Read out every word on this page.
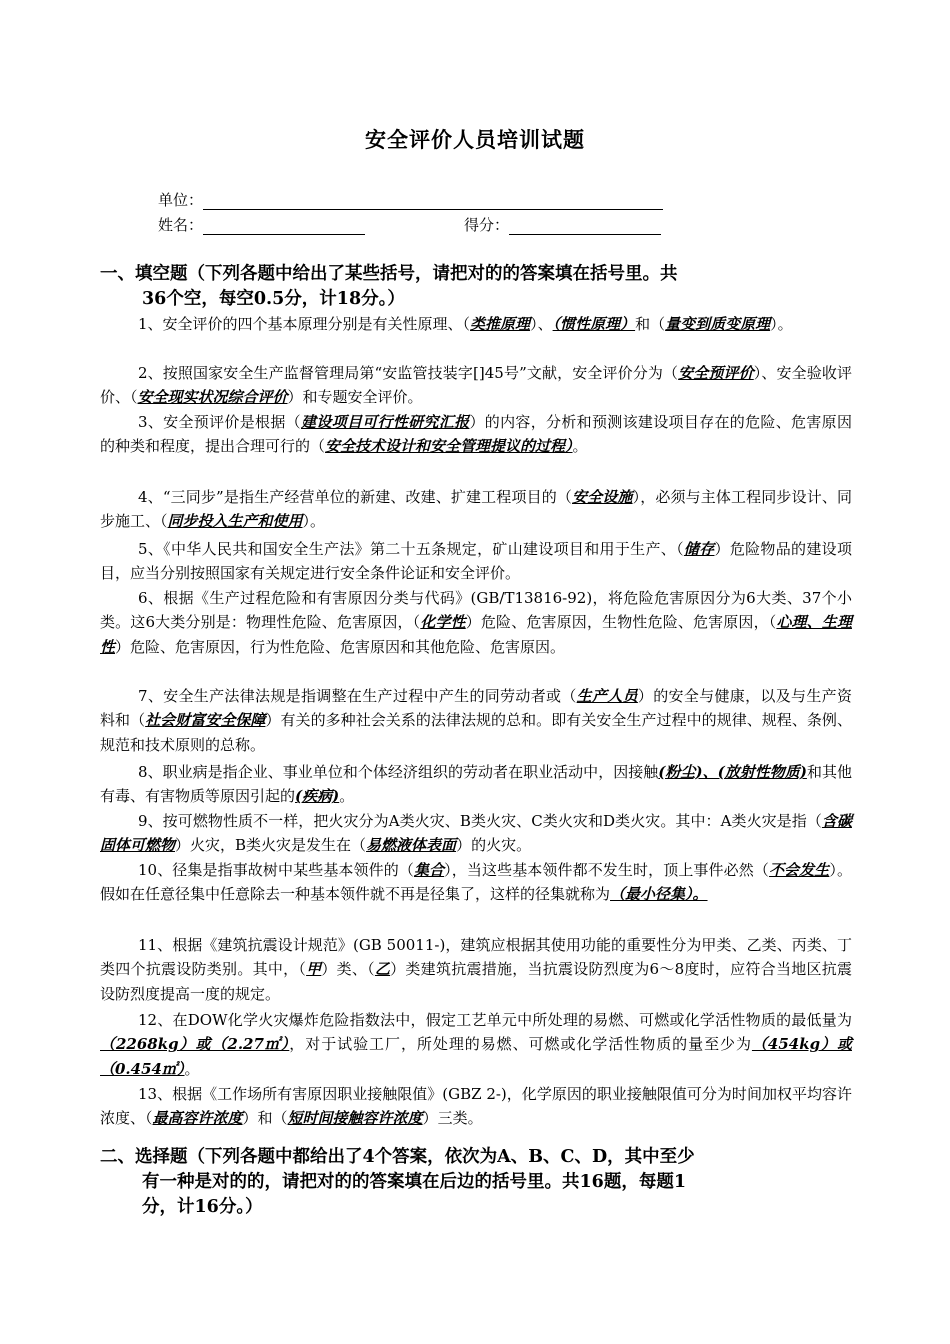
安全评价人员培训试题
单位：
姓名：	得分：
一、填空题（下列各题中给出了某些括号，请把对的的答案填在括号里。共
36个空，每空0.5分，计18分。）

1、安全评价的四个基本原理分别是有关性原理、（类推原理）、（惯性原理）和（量变到质变原理）。

2、按照国家安全生产监督管理局第“安监管技装字[]45号”文献，安全评价分为（安全预评价）、安全验收评价、（安全现实状况综合评价）和专题安全评价。

3、安全预评价是根据（建设项目可行性研究汇报）的内容，分析和预测该建设项目存在的危险、危害原因的种类和程度，提出合理可行的（安全技术设计和安全管理提议的过程）。

4、“三同步”是指生产经营单位的新建、改建、扩建工程项目的（安全设施），必须与主体工程同步设计、同步施工、（同步投入生产和使用）。

5、《中华人民共和国安全生产法》第二十五条规定，矿山建设项目和用于生产、（储存）危险物品的建设项目，应当分别按照国家有关规定进行安全条件论证和安全评价。

6、根据《生产过程危险和有害原因分类与代码》(GB/T13816-92)，将危险危害原因分为6大类、37个小类。这6大类分别是：物理性危险、危害原因，（化学性）危险、危害原因，生物性危险、危害原因，（心理、生理性）危险、危害原因，行为性危险、危害原因和其他危险、危害原因。

7、安全生产法律法规是指调整在生产过程中产生的同劳动者或（生产人员）的安全与健康，以及与生产资料和（社会财富安全保障）有关的多种社会关系的法律法规的总和。即有关安全生产过程中的规律、规程、条例、规范和技术原则的总称。

8、职业病是指企业、事业单位和个体经济组织的劳动者在职业活动中，因接触(粉尘)、(放射性物质)和其他有毒、有害物质等原因引起的(疾病)。

9、按可燃物性质不一样，把火灾分为A类火灾、B类火灾、C类火灾和D类火灾。其中：A类火灾是指（含碳固体可燃物）火灾，B类火灾是发生在（易燃液体表面）的火灾。

10、径集是指事故树中某些基本领件的（集合），当这些基本领件都不发生时，顶上事件必然（不会发生）。假如在任意径集中任意除去一种基本领件就不再是径集了，这样的径集就称为（最小径集）。

11、根据《建筑抗震设计规范》(GB 50011-)，建筑应根据其使用功能的重要性分为甲类、乙类、丙类、丁类四个抗震设防类别。其中，（甲）类、（乙）类建筑抗震措施，当抗震设防烈度为6～8度时，应符合当地区抗震设防烈度提高一度的规定。

12、在DOW化学火灾爆炸危险指数法中，假定工艺单元中所处理的易燃、可燃或化学活性物质的最低量为（2268kg）或（2.27㎡），对于试验工厂，所处理的易燃、可燃或化学活性物质的量至少为（454kg）或（0.454㎡）。

13、根据《工作场所有害原因职业接触限值》(GBZ 2-)，化学原因的职业接触限值可分为时间加权平均容许浓度、（最高容许浓度）和（短时间接触容许浓度）三类。

二、选择题（下列各题中都给出了4个答案，依次为A、B、C、D，其中至少
有一种是对的的，请把对的的答案填在后边的括号里。共16题，每题1
分，计16分。）
